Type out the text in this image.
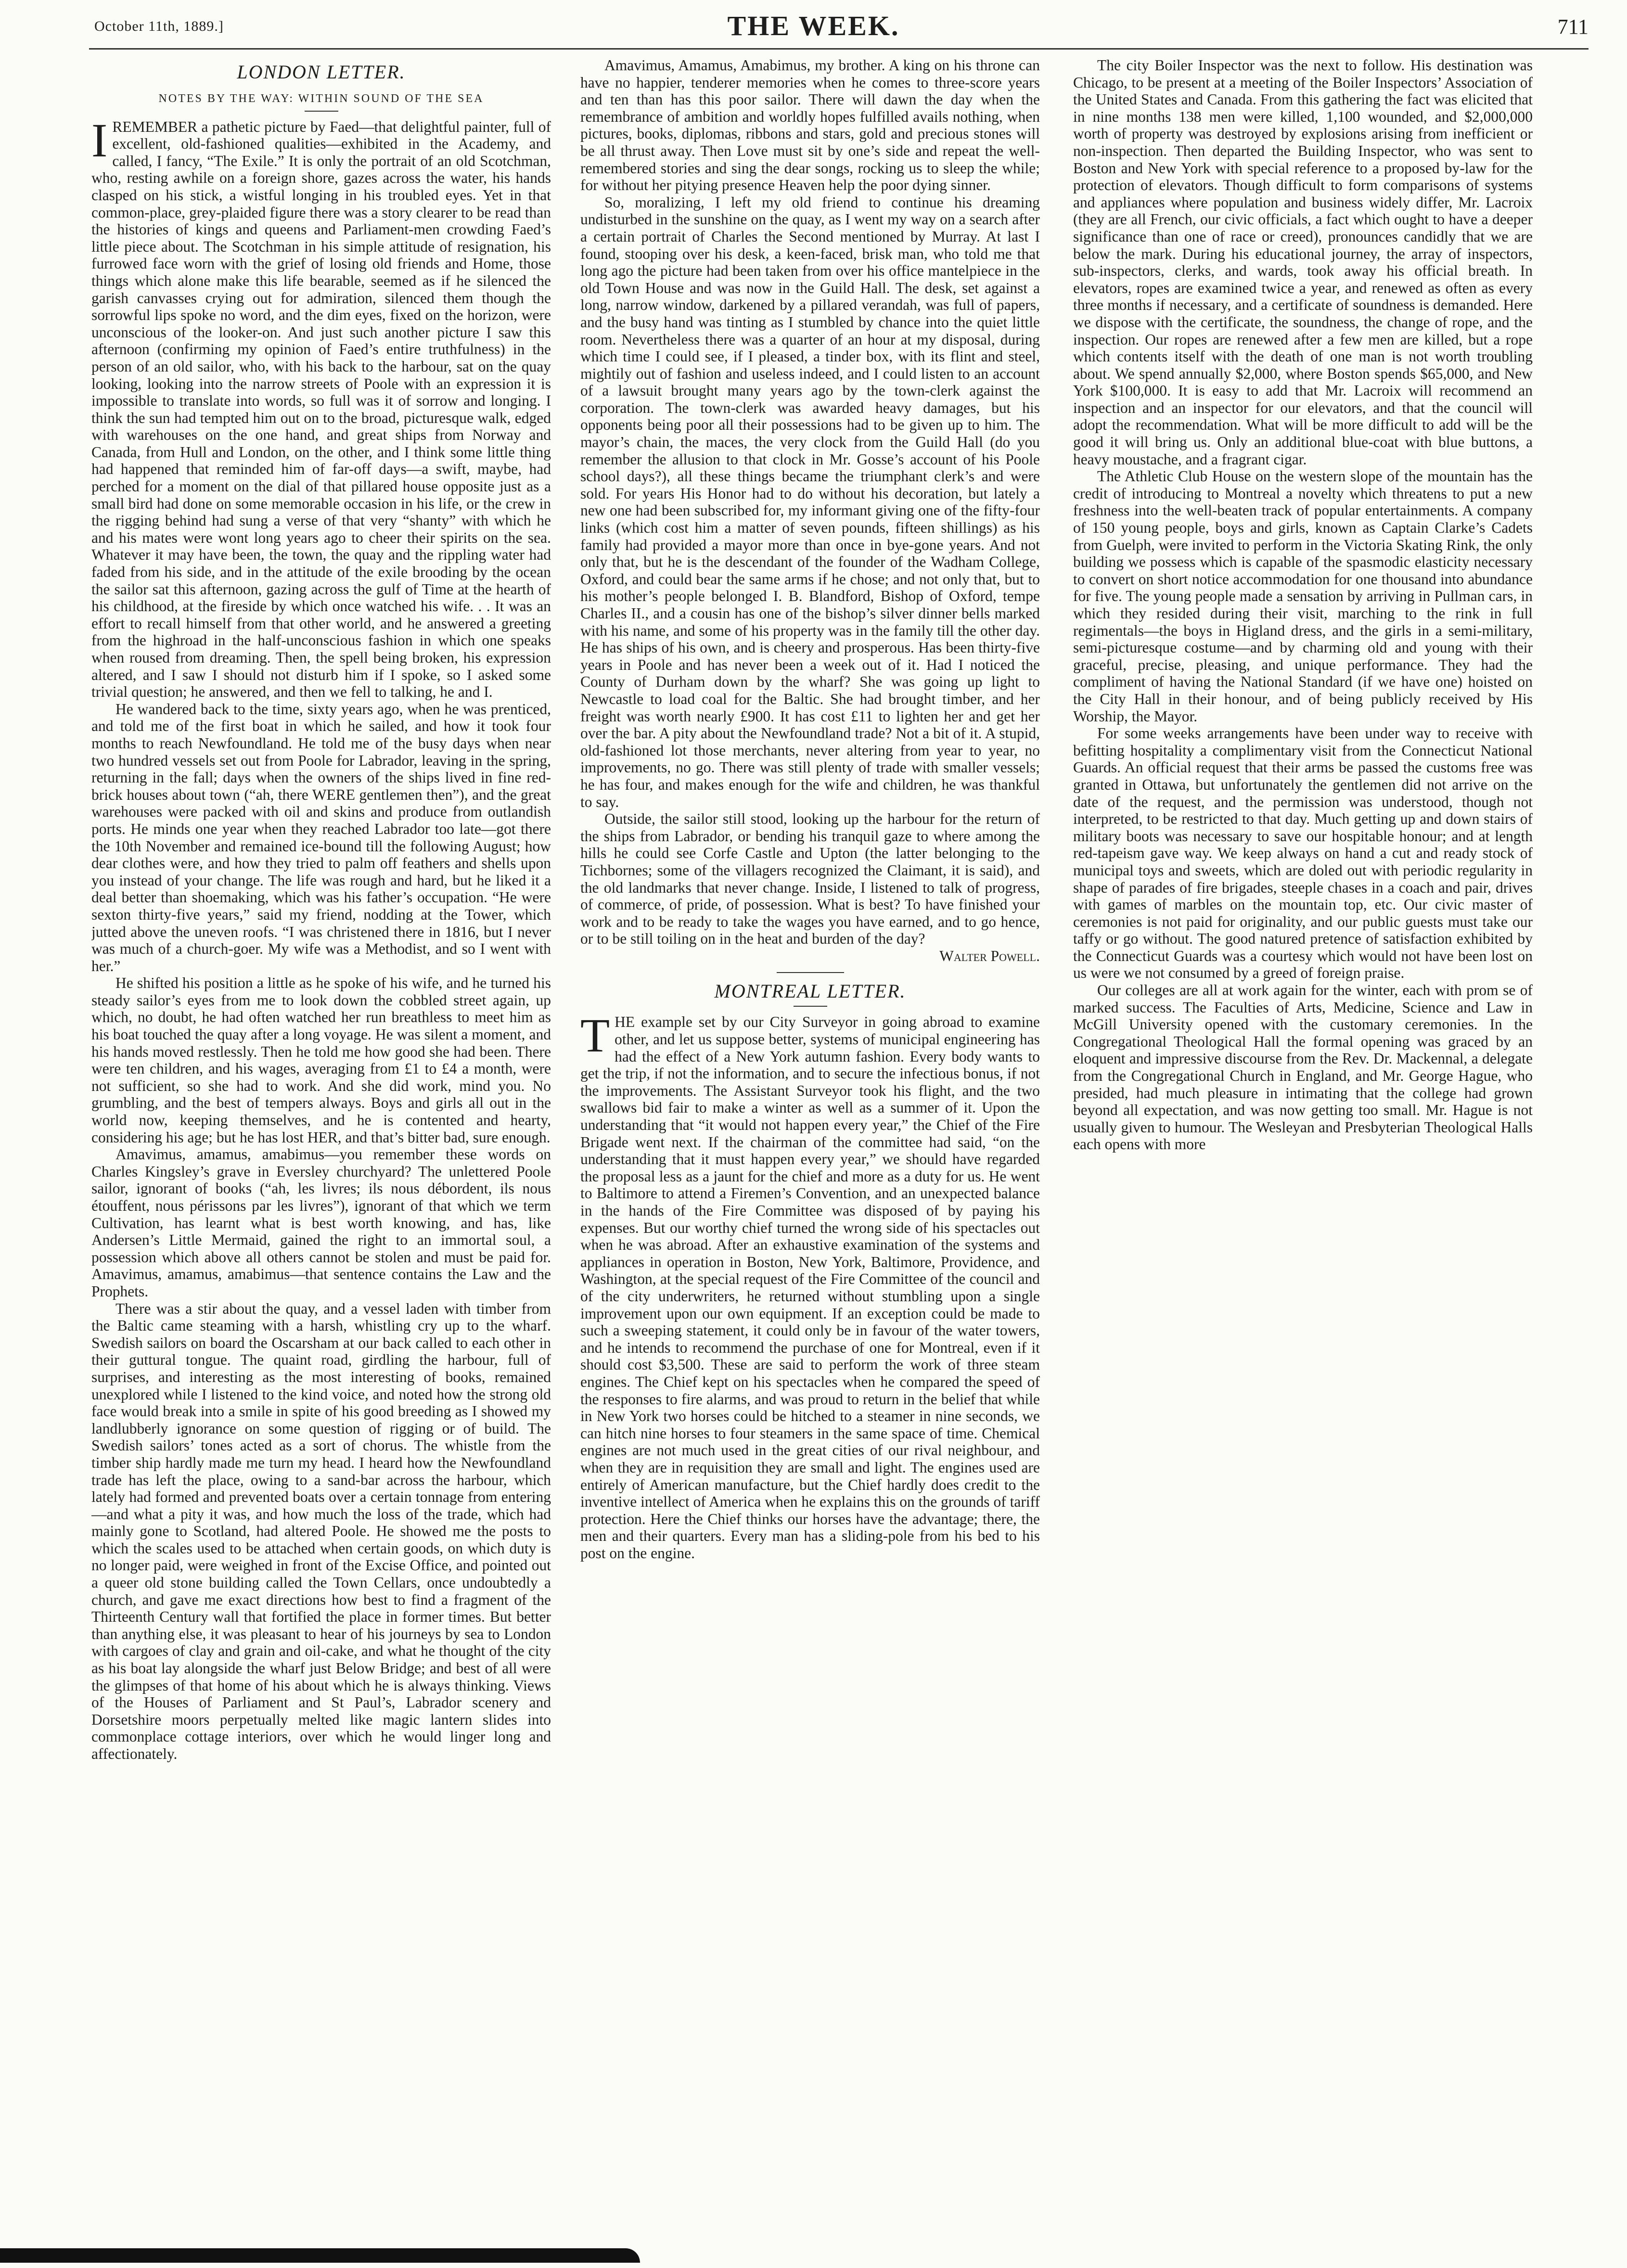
October 11th, 1889.]	THE WEEK.	711
LONDON LETTER.
NOTES BY THE WAY: WITHIN SOUND OF THE SEA

IREMEMBER a pathetic picture by Faed—that delightful painter, full of excellent, old-fashioned qualities—exhibited in the Academy, and called, I fancy, “The Exile.” It is only the portrait of an old Scotchman, who, resting awhile on a foreign shore, gazes across the water, his hands clasped on his stick, a wistful longing in his troubled eyes. Yet in that common-place, grey-plaided figure there was a story clearer to be read than the histories of kings and queens and Parliament-men crowding Faed’s little piece about. The Scotchman in his simple attitude of resignation, his furrowed face worn with the grief of losing old friends and Home, those things which alone make this life bearable, seemed as if he silenced the garish canvasses crying out for admiration, silenced them though the sorrowful lips spoke no word, and the dim eyes, fixed on the horizon, were unconscious of the looker-on. And just such another picture I saw this afternoon (confirming my opinion of Faed’s entire truthfulness) in the person of an old sailor, who, with his back to the harbour, sat on the quay looking, looking into the narrow streets of Poole with an expression it is impossible to translate into words, so full was it of sorrow and longing. I think the sun had tempted him out on to the broad, picturesque walk, edged with warehouses on the one hand, and great ships from Norway and Canada, from Hull and London, on the other, and I think some little thing had happened that reminded him of far-off days—a swift, maybe, had perched for a moment on the dial of that pillared house opposite just as a small bird had done on some memorable occasion in his life, or the crew in the rigging behind had sung a verse of that very “shanty” with which he and his mates were wont long years ago to cheer their spirits on the sea. Whatever it may have been, the town, the quay and the rippling water had faded from his side, and in the attitude of the exile brooding by the ocean the sailor sat this afternoon, gazing across the gulf of Time at the hearth of his childhood, at the fireside by which once watched his wife. . . It was an effort to recall himself from that other world, and he answered a greeting from the highroad in the half-unconscious fashion in which one speaks when roused from dreaming. Then, the spell being broken, his expression altered, and I saw I should not disturb him if I spoke, so I asked some trivial question; he answered, and then we fell to talking, he and I.

He wandered back to the time, sixty years ago, when he was prenticed, and told me of the first boat in which he sailed, and how it took four months to reach Newfoundland. He told me of the busy days when near two hundred vessels set out from Poole for Labrador, leaving in the spring, returning in the fall; days when the owners of the ships lived in fine red-brick houses about town (“ah, there WERE gentlemen then”), and the great warehouses were packed with oil and skins and produce from outlandish ports. He minds one year when they reached Labrador too late—got there the 10th November and remained ice-bound till the following August; how dear clothes were, and how they tried to palm off feathers and shells upon you instead of your change. The life was rough and hard, but he liked it a deal better than shoemaking, which was his father’s occupation. “He were sexton thirty-five years,” said my friend, nodding at the Tower, which jutted above the uneven roofs. “I was christened there in 1816, but I never was much of a church-goer. My wife was a Methodist, and so I went with her.”

He shifted his position a little as he spoke of his wife, and he turned his steady sailor’s eyes from me to look down the cobbled street again, up which, no doubt, he had often watched her run breathless to meet him as his boat touched the quay after a long voyage. He was silent a moment, and his hands moved restlessly. Then he told me how good she had been. There were ten children, and his wages, averaging from £1 to £4 a month, were not sufficient, so she had to work. And she did work, mind you. No grumbling, and the best of tempers always. Boys and girls all out in the world now, keeping themselves, and he is contented and hearty, considering his age; but he has lost HER, and that’s bitter bad, sure enough.

Amavimus, amamus, amabimus—you remember these words on Charles Kingsley’s grave in Eversley churchyard? The unlettered Poole sailor, ignorant of books (“ah, les livres; ils nous débordent, ils nous étouffent, nous périssons par les livres”), ignorant of that which we term Cultivation, has learnt what is best worth knowing, and has, like Andersen’s Little Mermaid, gained the right to an immortal soul, a possession which above all others cannot be stolen and must be paid for. Amavimus, amamus, amabimus—that sentence contains the Law and the Prophets.

There was a stir about the quay, and a vessel laden with timber from the Baltic came steaming with a harsh, whistling cry up to the wharf. Swedish sailors on board the Oscarsham at our back called to each other in their guttural tongue. The quaint road, girdling the harbour, full of surprises, and interesting as the most interesting of books, remained unexplored while I listened to the kind voice, and noted how the strong old face would break into a smile in spite of his good breeding as I showed my landlubberly ignorance on some question of rigging or of build. The Swedish sailors’ tones acted as a sort of chorus. The whistle from the timber ship hardly made me turn my head. I heard how the Newfoundland trade has left the place, owing to a sand-bar across the harbour, which lately had formed and prevented boats over a certain tonnage from entering—and what a pity it was, and how much the loss of the trade, which had mainly gone to Scotland, had altered Poole. He showed me the posts to which the scales used to be attached when certain goods, on which duty is no longer paid, were weighed in front of the Excise Office, and pointed out a queer old stone building called the Town Cellars, once undoubtedly a church, and gave me exact directions how best to find a fragment of the Thirteenth Century wall that fortified the place in former times. But better than anything else, it was pleasant to hear of his journeys by sea to London with cargoes of clay and grain and oil-cake, and what he thought of the city as his boat lay alongside the wharf just Below Bridge; and best of all were the glimpses of that home of his about which he is always thinking. Views of the Houses of Parliament and St Paul’s, Labrador scenery and Dorsetshire moors perpetually melted like magic lantern slides into commonplace cottage interiors, over which he would linger long and affectionately.

Amavimus, Amamus, Amabimus, my brother. A king on his throne can have no happier, tenderer memories when he comes to three-score years and ten than has this poor sailor. There will dawn the day when the remembrance of ambition and worldly hopes fulfilled avails nothing, when pictures, books, diplomas, ribbons and stars, gold and precious stones will be all thrust away. Then Love must sit by one’s side and repeat the well-remembered stories and sing the dear songs, rocking us to sleep the while; for without her pitying presence Heaven help the poor dying sinner.

So, moralizing, I left my old friend to continue his dreaming undisturbed in the sunshine on the quay, as I went my way on a search after a certain portrait of Charles the Second mentioned by Murray. At last I found, stooping over his desk, a keen-faced, brisk man, who told me that long ago the picture had been taken from over his office mantelpiece in the old Town House and was now in the Guild Hall. The desk, set against a long, narrow window, darkened by a pillared verandah, was full of papers, and the busy hand was tinting as I stumbled by chance into the quiet little room. Nevertheless there was a quarter of an hour at my disposal, during which time I could see, if I pleased, a tinder box, with its flint and steel, mightily out of fashion and useless indeed, and I could listen to an account of a lawsuit brought many years ago by the town-clerk against the corporation. The town-clerk was awarded heavy damages, but his opponents being poor all their possessions had to be given up to him. The mayor’s chain, the maces, the very clock from the Guild Hall (do you remember the allusion to that clock in Mr. Gosse’s account of his Poole school days?), all these things became the triumphant clerk’s and were sold. For years His Honor had to do without his decoration, but lately a new one had been subscribed for, my informant giving one of the fifty-four links (which cost him a matter of seven pounds, fifteen shillings) as his family had provided a mayor more than once in bye-gone years. And not only that, but he is the descendant of the founder of the Wadham College, Oxford, and could bear the same arms if he chose; and not only that, but to his mother’s people belonged I. B. Blandford, Bishop of Oxford, tempe Charles II., and a cousin has one of the bishop’s silver dinner bells marked with his name, and some of his property was in the family till the other day. He has ships of his own, and is cheery and prosperous. Has been thirty-five years in Poole and has never been a week out of it. Had I noticed the County of Durham down by the wharf? She was going up light to Newcastle to load coal for the Baltic. She had brought timber, and her freight was worth nearly £900. It has cost £11 to lighten her and get her over the bar. A pity about the Newfoundland trade? Not a bit of it. A stupid, old-fashioned lot those merchants, never altering from year to year, no improvements, no go. There was still plenty of trade with smaller vessels; he has four, and makes enough for the wife and children, he was thankful to say.

Outside, the sailor still stood, looking up the harbour for the return of the ships from Labrador, or bending his tranquil gaze to where among the hills he could see Corfe Castle and Upton (the latter belonging to the Tichbornes; some of the villagers recognized the Claimant, it is said), and the old landmarks that never change. Inside, I listened to talk of progress, of commerce, of pride, of possession. What is best? To have finished your work and to be ready to take the wages you have earned, and to go hence, or to be still toiling on in the heat and burden of the day?

Walter Powell.

MONTREAL LETTER.

THE example set by our City Surveyor in going abroad to examine other, and let us suppose better, systems of municipal engineering has had the effect of a New York autumn fashion. Every body wants to get the trip, if not the information, and to secure the infectious bonus, if not the improvements. The Assistant Surveyor took his flight, and the two swallows bid fair to make a winter as well as a summer of it. Upon the understanding that “it would not happen every year,” the Chief of the Fire Brigade went next. If the chairman of the committee had said, “on the understanding that it must happen every year,” we should have regarded the proposal less as a jaunt for the chief and more as a duty for us. He went to Baltimore to attend a Firemen’s Convention, and an unexpected balance in the hands of the Fire Committee was disposed of by paying his expenses. But our worthy chief turned the wrong side of his spectacles out when he was abroad. After an exhaustive examination of the systems and appliances in operation in Boston, New York, Baltimore, Providence, and Washington, at the special request of the Fire Committee of the council and of the city underwriters, he returned without stumbling upon a single improvement upon our own equipment. If an exception could be made to such a sweeping statement, it could only be in favour of the water towers, and he intends to recommend the purchase of one for Montreal, even if it should cost $3,500. These are said to perform the work of three steam engines. The Chief kept on his spectacles when he compared the speed of the responses to fire alarms, and was proud to return in the belief that while in New York two horses could be hitched to a steamer in nine seconds, we can hitch nine horses to four steamers in the same space of time. Chemical engines are not much used in the great cities of our rival neighbour, and when they are in requisition they are small and light. The engines used are entirely of American manufacture, but the Chief hardly does credit to the inventive intellect of America when he explains this on the grounds of tariff protection. Here the Chief thinks our horses have the advantage; there, the men and their quarters. Every man has a sliding-pole from his bed to his post on the engine.

The city Boiler Inspector was the next to follow. His destination was Chicago, to be present at a meeting of the Boiler Inspectors’ Association of the United States and Canada. From this gathering the fact was elicited that in nine months 138 men were killed, 1,100 wounded, and $2,000,000 worth of property was destroyed by explosions arising from inefficient or non-inspection. Then departed the Building Inspector, who was sent to Boston and New York with special reference to a proposed by-law for the protection of elevators. Though difficult to form comparisons of systems and appliances where population and business widely differ, Mr. Lacroix (they are all French, our civic officials, a fact which ought to have a deeper significance than one of race or creed), pronounces candidly that we are below the mark. During his educational journey, the array of inspectors, sub-inspectors, clerks, and wards, took away his official breath. In elevators, ropes are examined twice a year, and renewed as often as every three months if necessary, and a certificate of soundness is demanded. Here we dispose with the certificate, the soundness, the change of rope, and the inspection. Our ropes are renewed after a few men are killed, but a rope which contents itself with the death of one man is not worth troubling about. We spend annually $2,000, where Boston spends $65,000, and New York $100,000. It is easy to add that Mr. Lacroix will recommend an inspection and an inspector for our elevators, and that the council will adopt the recommendation. What will be more difficult to add will be the good it will bring us. Only an additional blue-coat with blue buttons, a heavy moustache, and a fragrant cigar.

The Athletic Club House on the western slope of the mountain has the credit of introducing to Montreal a novelty which threatens to put a new freshness into the well-beaten track of popular entertainments. A company of 150 young people, boys and girls, known as Captain Clarke’s Cadets from Guelph, were invited to perform in the Victoria Skating Rink, the only building we possess which is capable of the spasmodic elasticity necessary to convert on short notice accommodation for one thousand into abundance for five. The young people made a sensation by arriving in Pullman cars, in which they resided during their visit, marching to the rink in full regimentals—the boys in Higland dress, and the girls in a semi-military, semi-picturesque costume—and by charming old and young with their graceful, precise, pleasing, and unique performance. They had the compliment of having the National Standard (if we have one) hoisted on the City Hall in their honour, and of being publicly received by His Worship, the Mayor.

For some weeks arrangements have been under way to receive with befitting hospitality a complimentary visit from the Connecticut National Guards. An official request that their arms be passed the customs free was granted in Ottawa, but unfortunately the gentlemen did not arrive on the date of the request, and the permission was understood, though not interpreted, to be restricted to that day. Much getting up and down stairs of military boots was necessary to save our hospitable honour; and at length red-tapeism gave way. We keep always on hand a cut and ready stock of municipal toys and sweets, which are doled out with periodic regularity in shape of parades of fire brigades, steeple chases in a coach and pair, drives with games of marbles on the mountain top, etc. Our civic master of ceremonies is not paid for originality, and our public guests must take our taffy or go without. The good natured pretence of satisfaction exhibited by the Connecticut Guards was a courtesy which would not have been lost on us were we not consumed by a greed of foreign praise.

Our colleges are all at work again for the winter, each with prom se of marked success. The Faculties of Arts, Medicine, Science and Law in McGill University opened with the customary ceremonies. In the Congregational Theological Hall the formal opening was graced by an eloquent and impressive discourse from the Rev. Dr. Mackennal, a delegate from the Congregational Church in England, and Mr. George Hague, who presided, had much pleasure in intimating that the college had grown beyond all expectation, and was now getting too small. Mr. Hague is not usually given to humour. The Wesleyan and Presbyterian Theological Halls each opens with more
